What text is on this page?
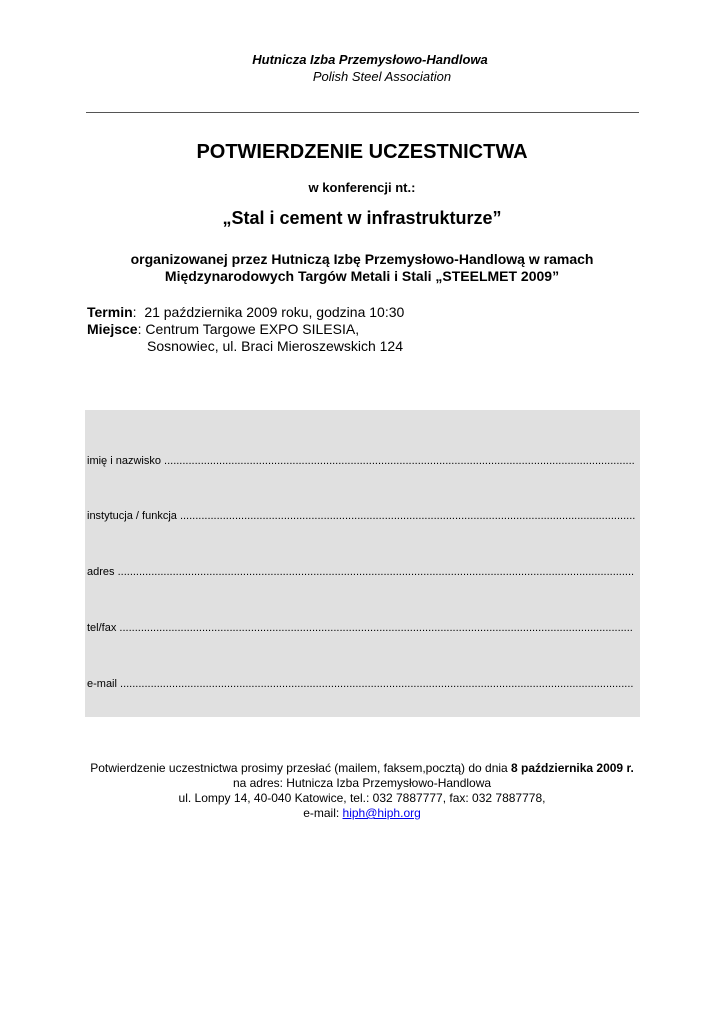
Hutnicza Izba Przemysłowo-Handlowa
Polish Steel Association
POTWIERDZENIE UCZESTNICTWA
w konferencji nt.:
„Stal i cement w infrastrukturze”
organizowanej przez Hutniczą Izbę Przemysłowo-Handlową w ramach
Międzynarodowych Targów Metali i Stali „STEELMET 2009”
Termin:  21 października 2009 roku, godzina 10:30
Miejsce: Centrum Targowe EXPO SILESIA,
Sosnowiec, ul. Braci Mieroszewskich 124
imię i nazwisko ..........................................................................................................................................................
instytucja / funkcja .....................................................................................................................................................
adres .........................................................................................................................................................................
tel/fax ........................................................................................................................................................................
e-mail ........................................................................................................................................................................
Potwierdzenie uczestnictwa prosimy przesłać (mailem, faksem,pocztą) do dnia 8 października 2009 r.
na adres: Hutnicza Izba Przemysłowo-Handlowa
ul. Lompy 14, 40-040 Katowice, tel.: 032 7887777, fax: 032 7887778,
e-mail: hiph@hiph.org
